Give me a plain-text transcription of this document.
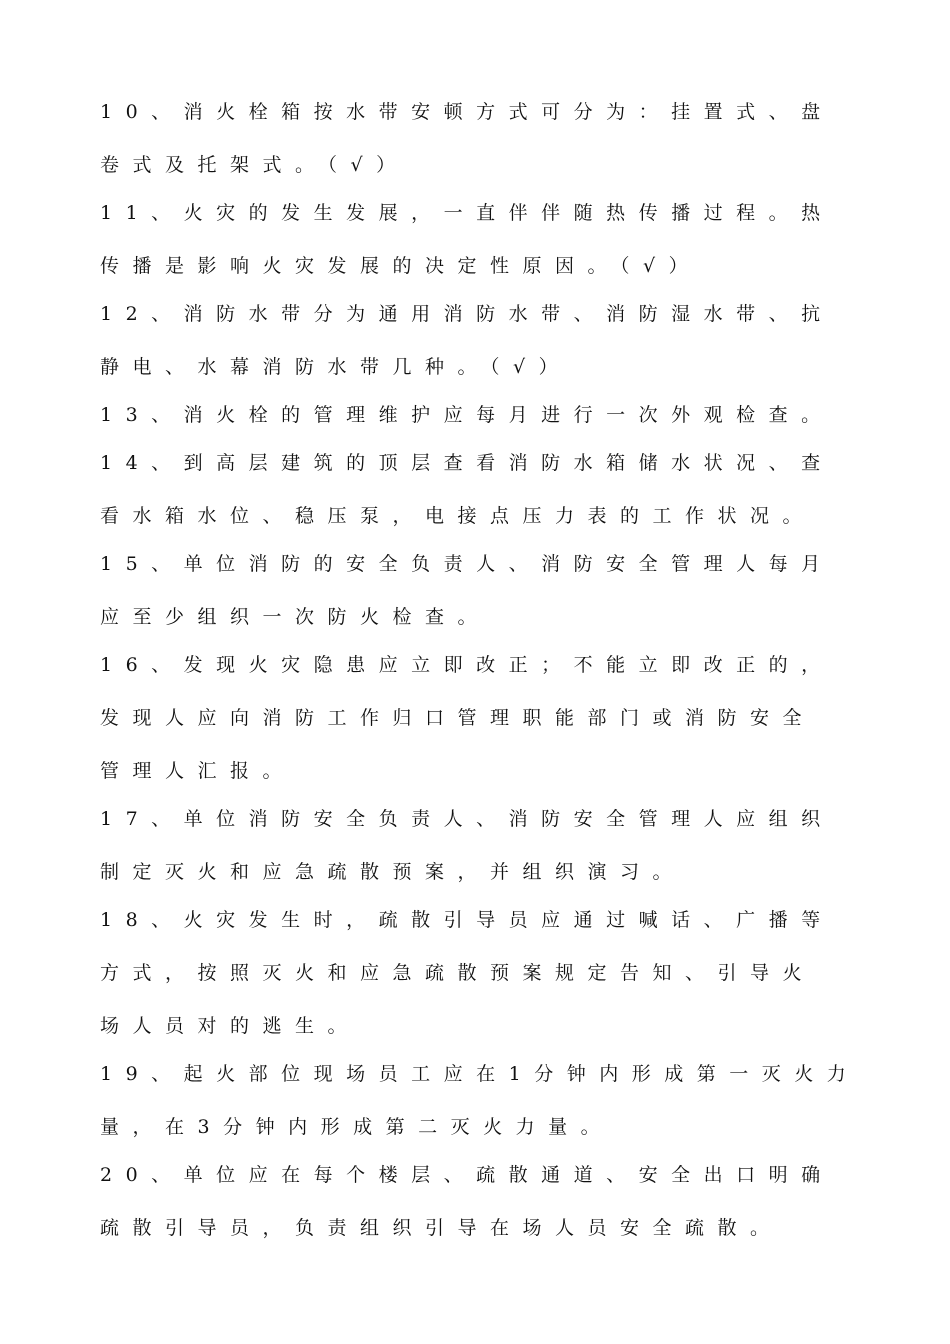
10、消火栓箱按水带安顿方式可分为：挂置式、盘
卷式及托架式。（√）
11、火灾的发生发展，一直伴伴随热传播过程。热
传播是影响火灾发展的决定性原因。（√）
12、消防水带分为通用消防水带、消防湿水带、抗
静电、水幕消防水带几种。（√）
13、消火栓的管理维护应每月进行一次外观检查。
14、到高层建筑的顶层查看消防水箱储水状况、查
看水箱水位、稳压泵，电接点压力表的工作状况。
15、单位消防的安全负责人、消防安全管理人每月
应至少组织一次防火检查。
16、发现火灾隐患应立即改正；不能立即改正的，
发现人应向消防工作归口管理职能部门或消防安全
管理人汇报。
17、单位消防安全负责人、消防安全管理人应组织
制定灭火和应急疏散预案，并组织演习。
18、火灾发生时，疏散引导员应通过喊话、广播等
方式，按照灭火和应急疏散预案规定告知、引导火
场人员对的逃生。
19、起火部位现场员工应在1分钟内形成第一灭火力
量，在3分钟内形成第二灭火力量。
20、单位应在每个楼层、疏散通道、安全出口明确
疏散引导员，负责组织引导在场人员安全疏散。
